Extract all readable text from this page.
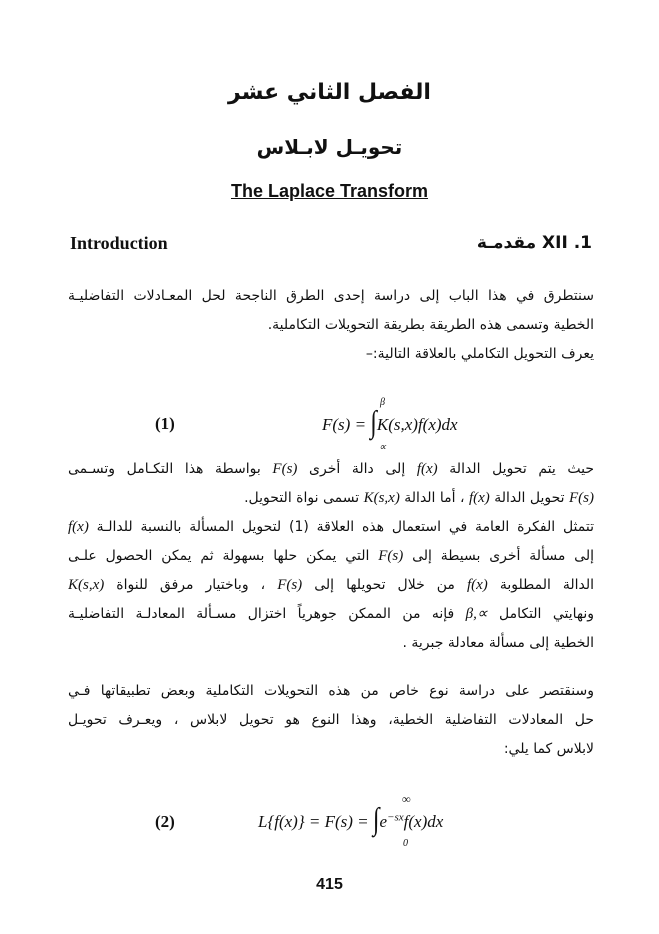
الفصل الثاني عشر
تحويـل لابـلاس
The Laplace Transform
Introduction	XII .1 مقدمـة
سنتطرق في هذا الباب إلى دراسة إحدى الطرق الناجحة لحل المعـادلات التفاضليـة
الخطية وتسمى هذه الطريقة بطريقة التحويلات التكاملية.
يعرف التحويل التكاملي بالعلاقة التالية:–
(1)	F(s) = ∫K(s,x)f(x)dx
β
∝
حيث يتم تحويل الدالة f(x) إلى دالة أخرى F(s) بواسطة هذا التكـامل وتسـمى
F(s) تحويل الدالة f(x) ، أما الدالة K(s,x) تسمى نواة التحويل.
تتمثل الفكرة العامة في استعمال هذه العلاقة (1) لتحويل المسألة بالنسبة للدالـة f(x)
إلى مسألة أخرى بسيطة إلى F(s) التي يمكن حلها بسهولة ثم يمكن الحصول علـى
الدالة المطلوبة f(x) من خلال تحويلها إلى F(s) ، وباختيار مرفق للنواة K(s,x)
ونهايتي التكامل β,∝ فإنه من الممكن جوهرياً اختزال مسـألة المعادلـة التفاضليـة
الخطية إلى مسألة معادلة جبرية .
وسنقتصر على دراسة نوع خاص من هذه التحويلات التكاملية وبعض تطبيقاتها فـي
حل المعادلات التفاضلية الخطية، وهذا النوع هو تحويل لابلاس ، ويعـرف تحويـل
لابلاس كما يلي:
(2)	$L\{f(x)\} = F(s) = \int e^{-sx}f(x)dx$
∞
0
415
